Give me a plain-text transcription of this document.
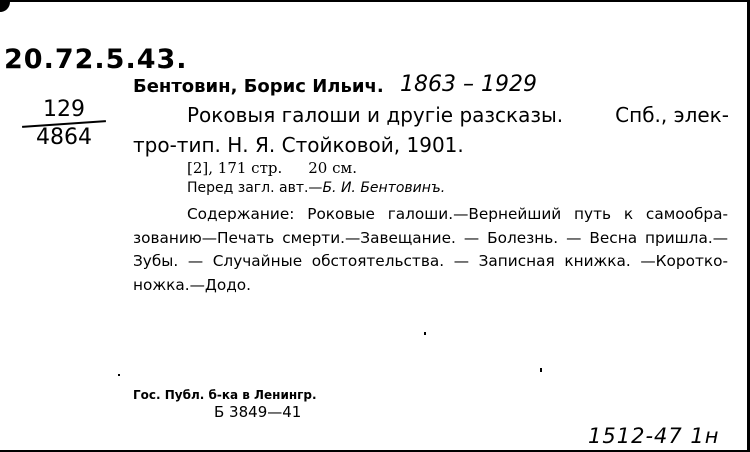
20.72.5.43.
Бентовин, Борис Ильич. 1863 – 1929
129
4864
Роковыя галоши и другіе разсказы.	Спб., элек-
тро-тип. Н. Я. Стойковой, 1901.
[2], 171 стр. 20 см.
Перед загл. авт.—Б. И. Бентовинъ.
Содержание: Роковые галоши.—Вернейший путь к самообра-
зованию—Печать смерти.—Завещание. — Болезнь. — Весна пришла.—
Зубы. — Случайные обстоятельства. — Записная книжка. —Коротко-
ножка.—Додо.
Гос. Публ. б-ка в Ленингр.
Б 3849—41
1512-47 1н
